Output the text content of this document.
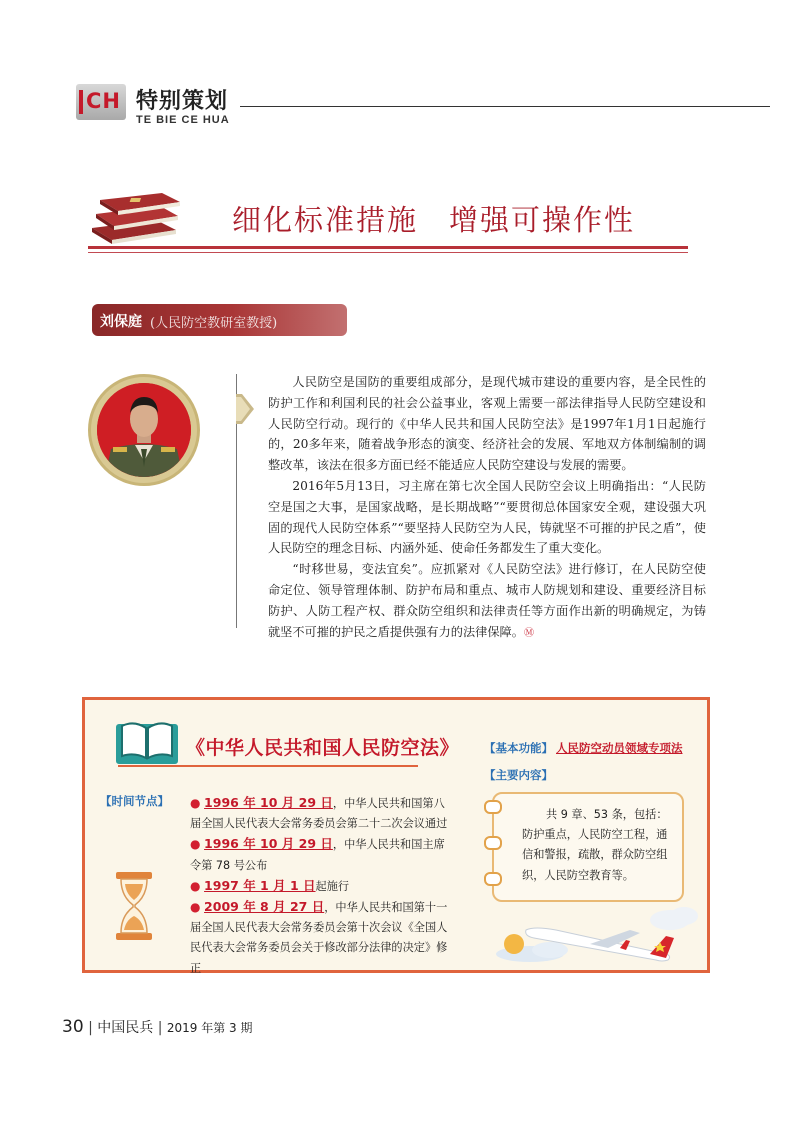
CH 特别策划
TE BIE CE HUA
细化标准措施　增强可操作性
刘保庭 (人民防空教研室教授)

人民防空是国防的重要组成部分，是现代城市建设的重要内容，是全民性的防护工作和利国利民的社会公益事业，客观上需要一部法律指导人民防空建设和人民防空行动。现行的《中华人民共和国人民防空法》是1997年1月1日起施行的，20多年来，随着战争形态的演变、经济社会的发展、军地双方体制编制的调整改革，该法在很多方面已经不能适应人民防空建设与发展的需要。

2016年5月13日，习主席在第七次全国人民防空会议上明确指出：“人民防空是国之大事，是国家战略，是长期战略”“要贯彻总体国家安全观，建设强大巩固的现代人民防空体系”“要坚持人民防空为人民，铸就坚不可摧的护民之盾”，使人民防空的理念目标、内涵外延、使命任务都发生了重大变化。

“时移世易，变法宜矣”。应抓紧对《人民防空法》进行修订，在人民防空使命定位、领导管理体制、防护布局和重点、城市人防规划和建设、重要经济目标防护、人防工程产权、群众防空组织和法律责任等方面作出新的明确规定，为铸就坚不可摧的护民之盾提供强有力的法律保障。Ⓜ

《中华人民共和国人民防空法》 【基本功能】 人民防空动员领域专项法
【主要内容】
【时间节点】 ● 1996 年 10 月 29 日，中华人民共和国第八届全国人民代表大会常务委员会第二十二次会议通过
● 1996 年 10 月 29 日，中华人民共和国主席令第 78 号公布
● 1997 年 1 月 1 日起施行
● 2009 年 8 月 27 日，中华人民共和国第十一届全国人民代表大会常务委员会第十次会议《全国人民代表大会常务委员会关于修改部分法律的决定》修正
共 9 章、53 条，包括：防护重点，人民防空工程，通信和警报，疏散，群众防空组织，人民防空教育等。
30 | 中国民兵 | 2019 年第 3 期
